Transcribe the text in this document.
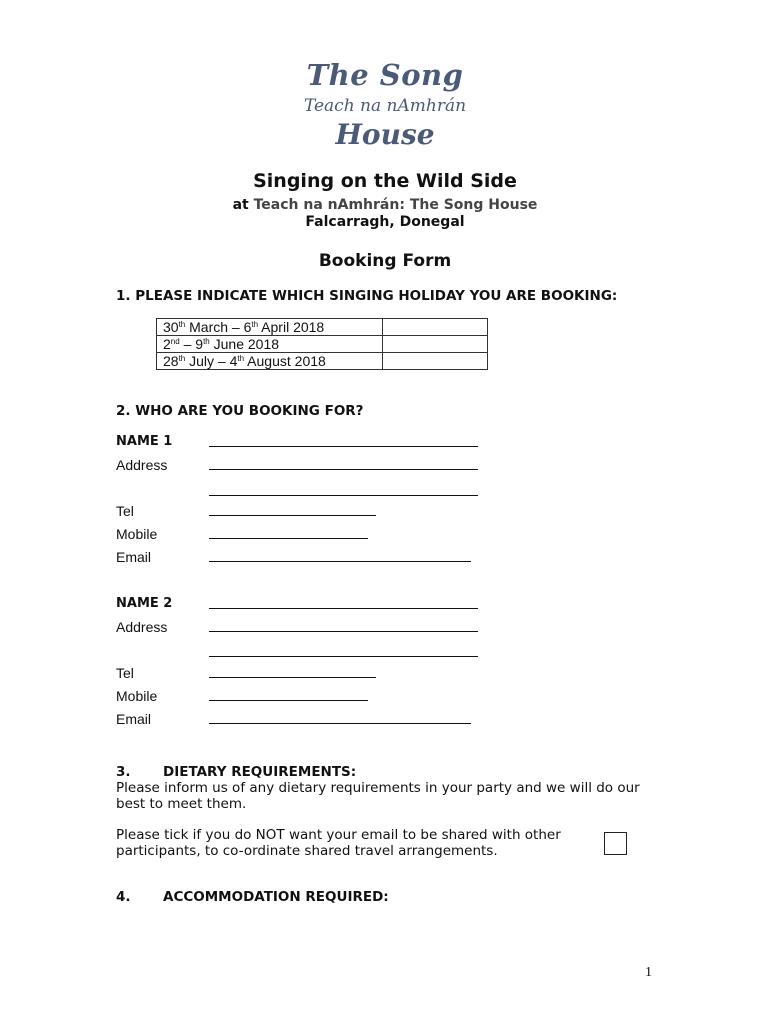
The Song
Teach na nAmhrán
House
Singing on the Wild Side
at Teach na nAmhrán: The Song House
Falcarragh, Donegal
Booking Form
1. PLEASE INDICATE WHICH SINGING HOLIDAY YOU ARE BOOKING:
30th March – 6th April 2018	
2nd – 9th June 2018	
28th July – 4th August 2018	
2. WHO ARE YOU BOOKING FOR?
NAME 1
Address
Tel
Mobile
Email
NAME 2
Address
Tel
Mobile
Email
3. DIETARY REQUIREMENTS:
Please inform us of any dietary requirements in your party and we will do our best to meet them.
Please tick if you do NOT want your email to be shared with other participants, to co-ordinate shared travel arrangements.
4. ACCOMMODATION REQUIRED:
1
